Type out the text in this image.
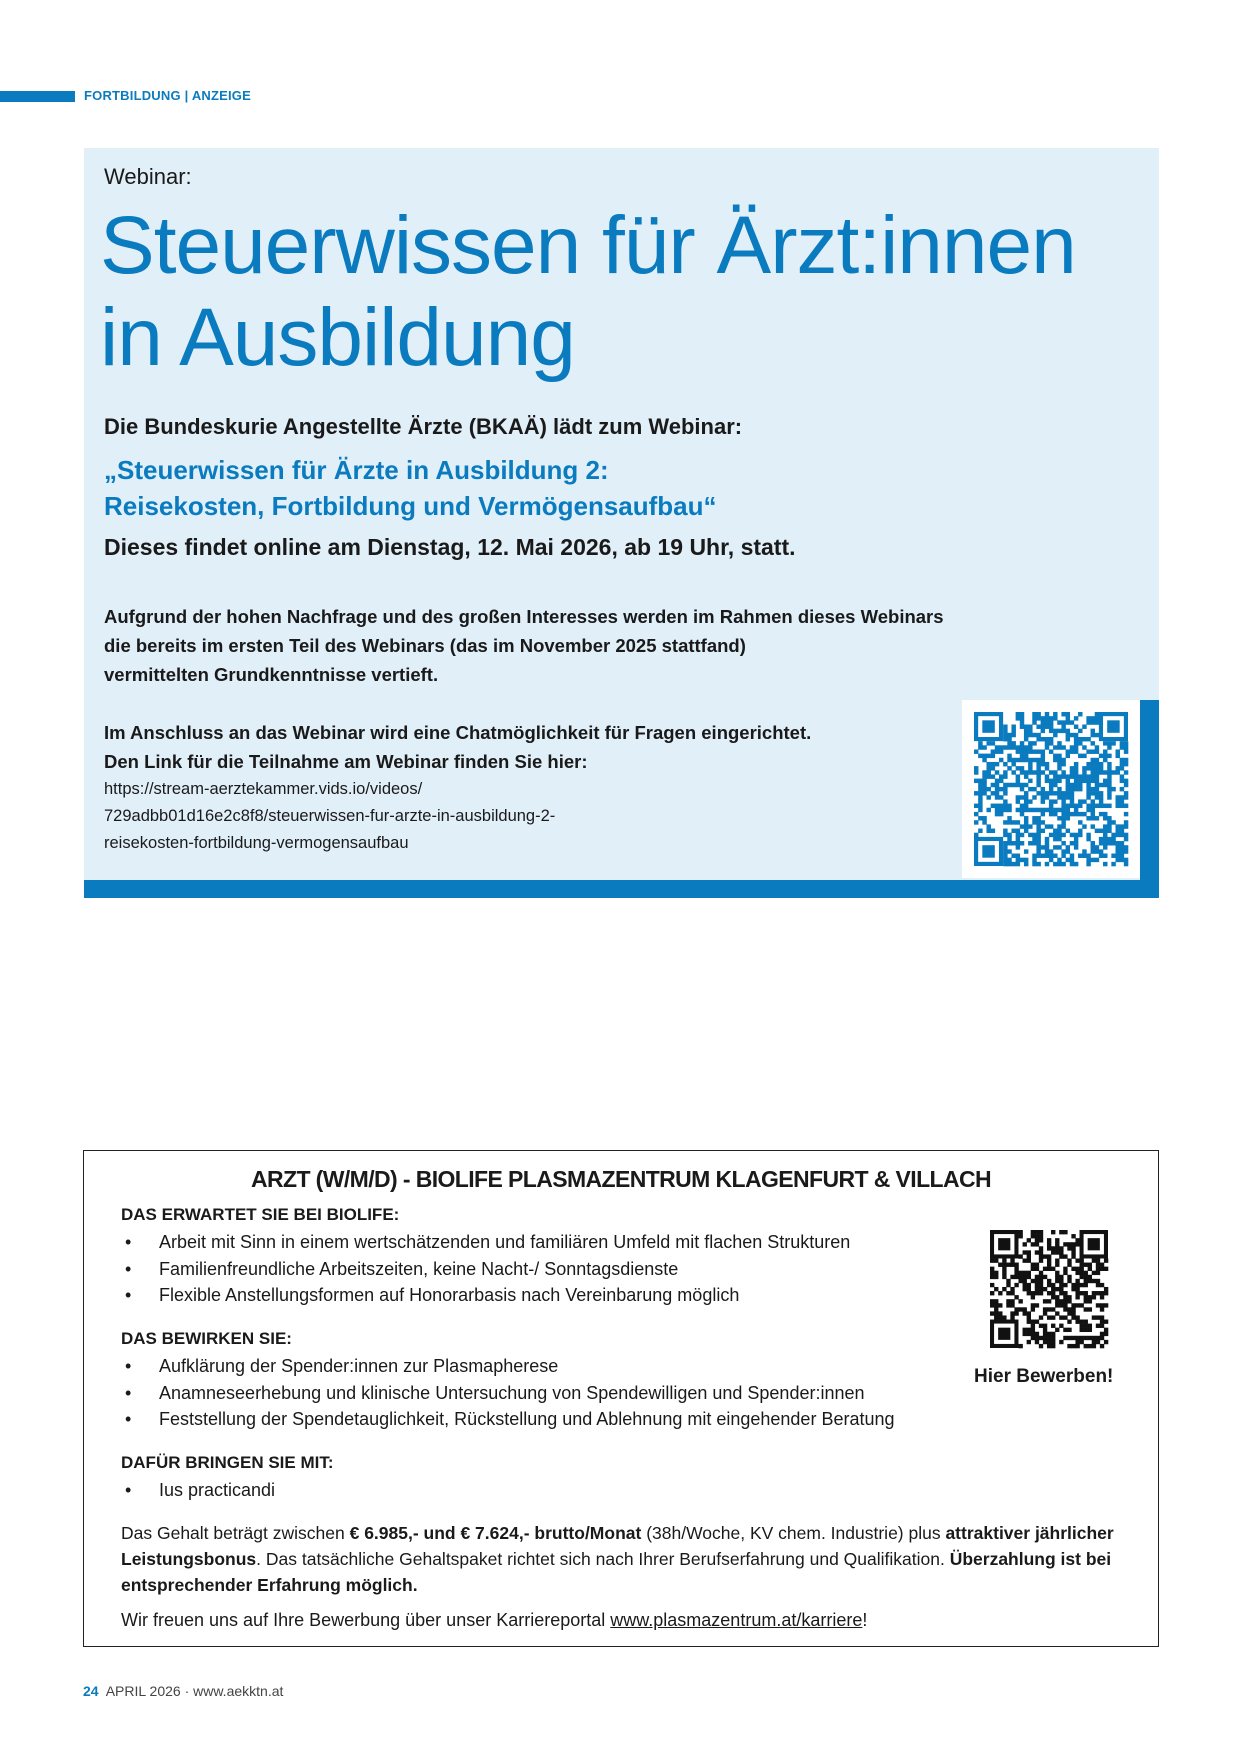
FORTBILDUNG | ANZEIGE
Webinar:
Steuerwissen für Ärzt:innen
in Ausbildung
Die Bundeskurie Angestellte Ärzte (BKAÄ) lädt zum Webinar:
„Steuerwissen für Ärzte in Ausbildung 2:
Reisekosten, Fortbildung und Vermögensaufbau“
Dieses findet online am Dienstag, 12. Mai 2026, ab 19 Uhr, statt.
Aufgrund der hohen Nachfrage und des großen Interesses werden im Rahmen dieses Webinars
die bereits im ersten Teil des Webinars (das im November 2025 stattfand)
vermittelten Grundkenntnisse vertieft.
Im Anschluss an das Webinar wird eine Chatmöglichkeit für Fragen eingerichtet.
Den Link für die Teilnahme am Webinar finden Sie hier:
https://stream-aerztekammer.vids.io/videos/
729adbb01d16e2c8f8/steuerwissen-fur-arzte-in-ausbildung-2-
reisekosten-fortbildung-vermogensaufbau
ARZT (W/M/D) - BIOLIFE PLASMAZENTRUM KLAGENFURT & VILLACH
DAS ERWARTET SIE BEI BIOLIFE:
• Arbeit mit Sinn in einem wertschätzenden und familiären Umfeld mit flachen Strukturen
• Familienfreundliche Arbeitszeiten, keine Nacht-/ Sonntagsdienste
• Flexible Anstellungsformen auf Honorarbasis nach Vereinbarung möglich
DAS BEWIRKEN SIE:
• Aufklärung der Spender:innen zur Plasmapherese
• Anamneseerhebung und klinische Untersuchung von Spendewilligen und Spender:innen
• Feststellung der Spendetauglichkeit, Rückstellung und Ablehnung mit eingehender Beratung
DAFÜR BRINGEN SIE MIT:
• Ius practicandi
Hier Bewerben!
Das Gehalt beträgt zwischen € 6.985,- und € 7.624,- brutto/Monat (38h/Woche, KV chem. Industrie) plus attraktiver jährlicher Leistungsbonus. Das tatsächliche Gehaltspaket richtet sich nach Ihrer Berufserfahrung und Qualifikation. Überzahlung ist bei entsprechender Erfahrung möglich.
Wir freuen uns auf Ihre Bewerbung über unser Karriereportal www.plasmazentrum.at/karriere!
24 APRIL 2026 · www.aekktn.at
